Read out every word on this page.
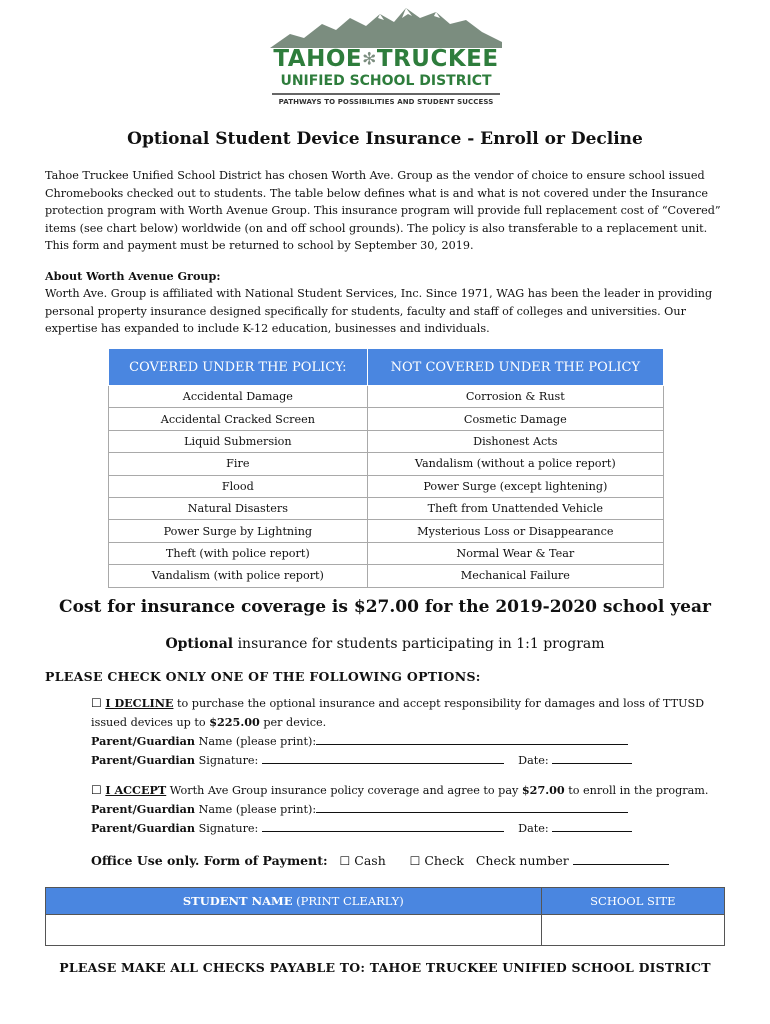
TAHOE✻TRUCKEE
UNIFIED SCHOOL DISTRICT
PATHWAYS TO POSSIBILITIES AND STUDENT SUCCESS
Optional Student Device Insurance - Enroll or Decline
Tahoe Truckee Unified School District has chosen Worth Ave. Group as the vendor of choice to ensure school issued Chromebooks checked out to students. The table below defines what is and what is not covered under the Insurance protection program with Worth Avenue Group. This insurance program will provide full replacement cost of “Covered” items (see chart below) worldwide (on and off school grounds). The policy is also transferable to a replacement unit. This form and payment must be returned to school by September 30, 2019.
About Worth Avenue Group:
Worth Ave. Group is affiliated with National Student Services, Inc. Since 1971, WAG has been the leader in providing personal property insurance designed specifically for students, faculty and staff of colleges and universities. Our expertise has expanded to include K-12 education, businesses and individuals.
COVERED UNDER THE POLICY:	NOT COVERED UNDER THE POLICY
Accidental Damage	Corrosion & Rust
Accidental Cracked Screen	Cosmetic Damage
Liquid Submersion	Dishonest Acts
Fire	Vandalism (without a police report)
Flood	Power Surge (except lightening)
Natural Disasters	Theft from Unattended Vehicle
Power Surge by Lightning	Mysterious Loss or Disappearance
Theft (with police report)	Normal Wear & Tear
Vandalism (with police report)	Mechanical Failure
Cost for insurance coverage is $27.00 for the 2019-2020 school year
Optional insurance for students participating in 1:1 program
PLEASE CHECK ONLY ONE OF THE FOLLOWING OPTIONS:
☐ I DECLINE to purchase the optional insurance and accept responsibility for damages and loss of TTUSD issued devices up to $225.00 per device.
Parent/Guardian Name (please print):
Parent/Guardian Signature:	Date:
☐ I ACCEPT Worth Ave Group insurance policy coverage and agree to pay $27.00 to enroll in the program.
Parent/Guardian Name (please print):
Parent/Guardian Signature:	Date:
Office Use only. Form of Payment: ☐ Cash ☐ Check Check number
STUDENT NAME (PRINT CLEARLY)	SCHOOL SITE

PLEASE MAKE ALL CHECKS PAYABLE TO: TAHOE TRUCKEE UNIFIED SCHOOL DISTRICT
